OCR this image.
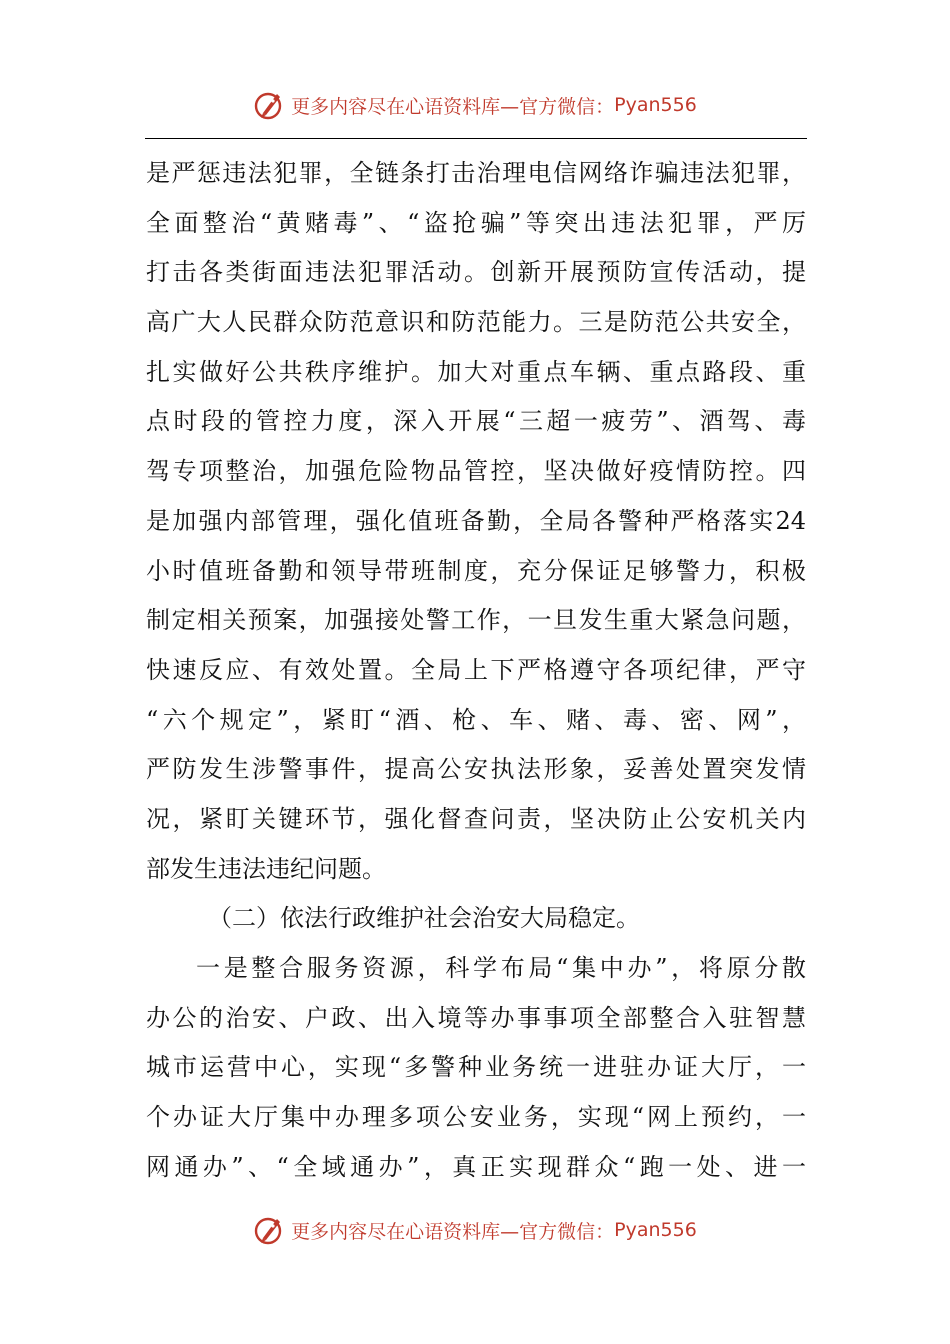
更多内容尽在心语资料库—官方微信： Pyan556
是严惩违法犯罪，全链条打击治理电信网络诈骗违法犯罪，
全面整治“黄赌毒”、“盗抢骗”等突出违法犯罪，严厉
打击各类街面违法犯罪活动。创新开展预防宣传活动，提
高广大人民群众防范意识和防范能力。三是防范公共安全，
扎实做好公共秩序维护。加大对重点车辆、重点路段、重
点时段的管控力度，深入开展“三超一疲劳”、酒驾、毒
驾专项整治，加强危险物品管控，坚决做好疫情防控。四
是加强内部管理，强化值班备勤，全局各警种严格落实24
小时值班备勤和领导带班制度，充分保证足够警力，积极
制定相关预案，加强接处警工作，一旦发生重大紧急问题，
快速反应、有效处置。全局上下严格遵守各项纪律，严守
“六个规定”，紧盯“酒、枪、车、赌、毒、密、网”，
严防发生涉警事件，提高公安执法形象，妥善处置突发情
况，紧盯关键环节，强化督查问责，坚决防止公安机关内
部发生违法违纪问题。
（二）依法行政维护社会治安大局稳定。
一是整合服务资源，科学布局“集中办”，将原分散
办公的治安、户政、出入境等办事事项全部整合入驻智慧
城市运营中心，实现“多警种业务统一进驻办证大厅，一
个办证大厅集中办理多项公安业务，实现“网上预约，一
网通办”、“全域通办”，真正实现群众“跑一处、进一
更多内容尽在心语资料库—官方微信： Pyan556
